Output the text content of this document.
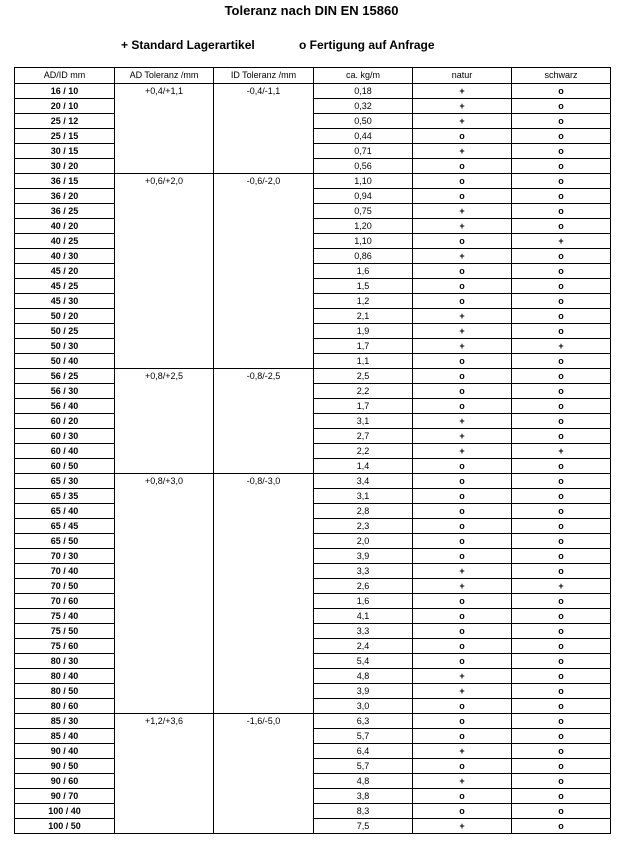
Toleranz nach DIN EN 15860
+ Standard Lagerartikel	o Fertigung auf Anfrage
AD/ID mm	AD Toleranz /mm	ID Toleranz /mm	ca. kg/m	natur	schwarz
16 / 10	+0,4/+1,1	-0,4/-1,1	0,18	+	o
20 / 10			0,32	+	o
25 / 12			0,50	+	o
25 / 15			0,44	o	o
30 / 15			0,71	+	o
30 / 20			0,56	o	o
36 / 15	+0,6/+2,0	-0,6/-2,0	1,10	o	o
36 / 20			0,94	o	o
36 / 25			0,75	+	o
40 / 20			1,20	+	o
40 / 25			1,10	o	+
40 / 30			0,86	+	o
45 / 20			1,6	o	o
45 / 25			1,5	o	o
45 / 30			1,2	o	o
50 / 20			2,1	+	o
50 / 25			1,9	+	o
50 / 30			1,7	+	+
50 / 40			1,1	o	o
56 / 25	+0,8/+2,5	-0,8/-2,5	2,5	o	o
56 / 30			2,2	o	o
56 / 40			1,7	o	o
60 / 20			3,1	+	o
60 / 30			2,7	+	o
60 / 40			2,2	+	+
60 / 50			1,4	o	o
65 / 30	+0,8/+3,0	-0,8/-3,0	3,4	o	o
65 / 35			3,1	o	o
65 / 40			2,8	o	o
65 / 45			2,3	o	o
65 / 50			2,0	o	o
70 / 30			3,9	o	o
70 / 40			3,3	+	o
70 / 50			2,6	+	+
70 / 60			1,6	o	o
75 / 40			4,1	o	o
75 / 50			3,3	o	o
75 / 60			2,4	o	o
80 / 30			5,4	o	o
80 / 40			4,8	+	o
80 / 50			3,9	+	o
80 / 60			3,0	o	o
85 / 30	+1,2/+3,6	-1,6/-5,0	6,3	o	o
85 / 40			5,7	o	o
90 / 40			6,4	+	o
90 / 50			5,7	o	o
90 / 60			4,8	+	o
90 / 70			3,8	o	o
100 / 40			8,3	o	o
100 / 50			7,5	+	o
